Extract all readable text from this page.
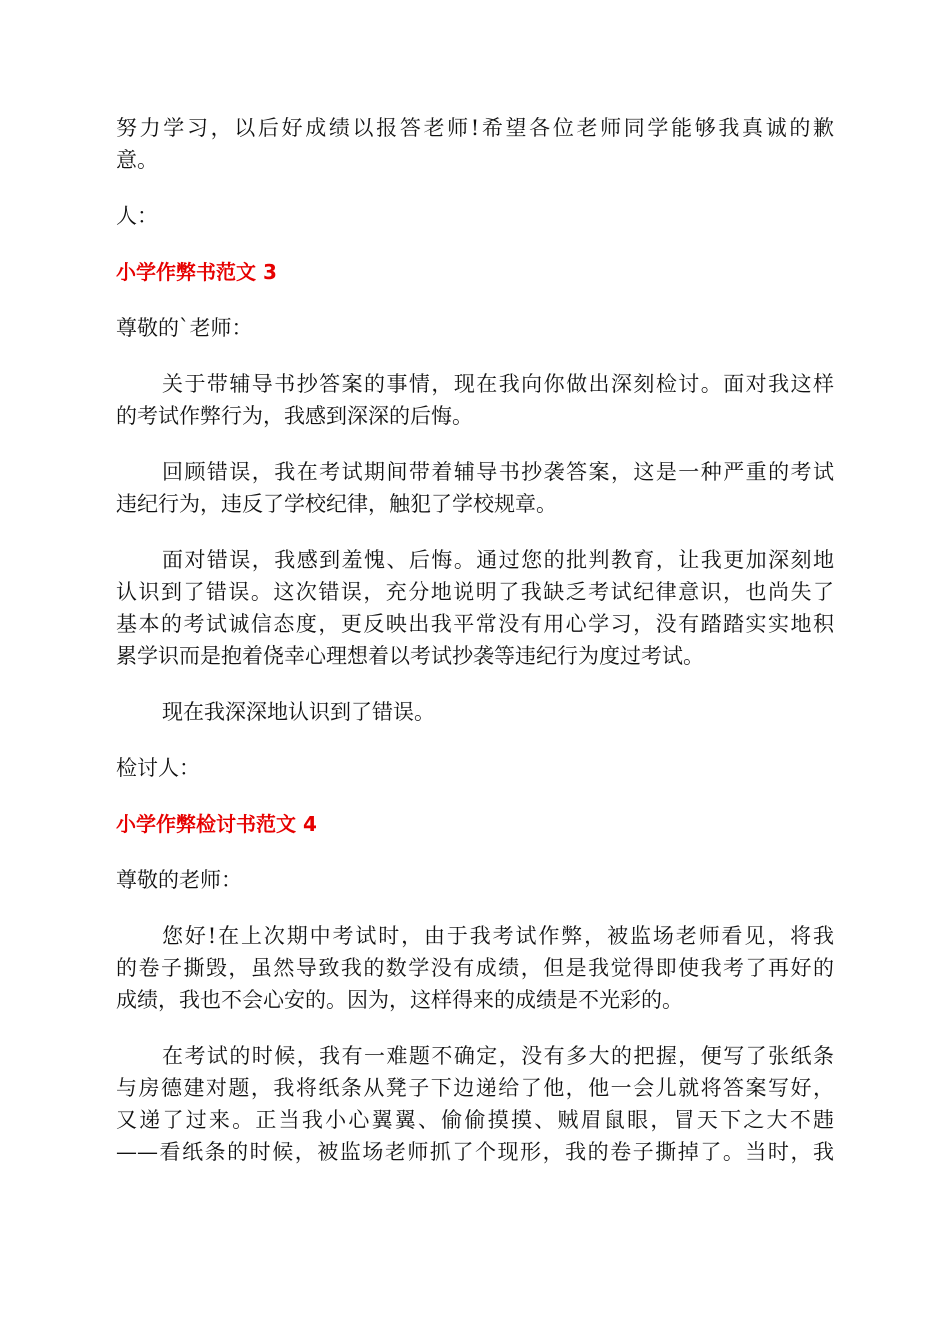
努力学习，以后好成绩以报答老师!希望各位老师同学能够我真诚的歉
意。

人：

小学作弊书范文 3

尊敬的`老师：

关于带辅导书抄答案的事情，现在我向你做出深刻检讨。面对我这样
的考试作弊行为，我感到深深的后悔。
回顾错误，我在考试期间带着辅导书抄袭答案，这是一种严重的考试
违纪行为，违反了学校纪律，触犯了学校规章。
面对错误，我感到羞愧、后悔。通过您的批判教育，让我更加深刻地
认识到了错误。这次错误，充分地说明了我缺乏考试纪律意识，也尚失了
基本的考试诚信态度，更反映出我平常没有用心学习，没有踏踏实实地积
累学识而是抱着侥幸心理想着以考试抄袭等违纪行为度过考试。

现在我深深地认识到了错误。

检讨人：

小学作弊检讨书范文 4

尊敬的老师：

您好!在上次期中考试时，由于我考试作弊，被监场老师看见，将我
的卷子撕毁，虽然导致我的数学没有成绩，但是我觉得即使我考了再好的
成绩，我也不会心安的。因为，这样得来的成绩是不光彩的。
在考试的时候，我有一难题不确定，没有多大的把握，便写了张纸条
与房德建对题，我将纸条从凳子下边递给了他，他一会儿就将答案写好，
又递了过来。正当我小心翼翼、偷偷摸摸、贼眉鼠眼，冒天下之大不韪
——看纸条的时候，被监场老师抓了个现形，我的卷子撕掉了。当时，我
